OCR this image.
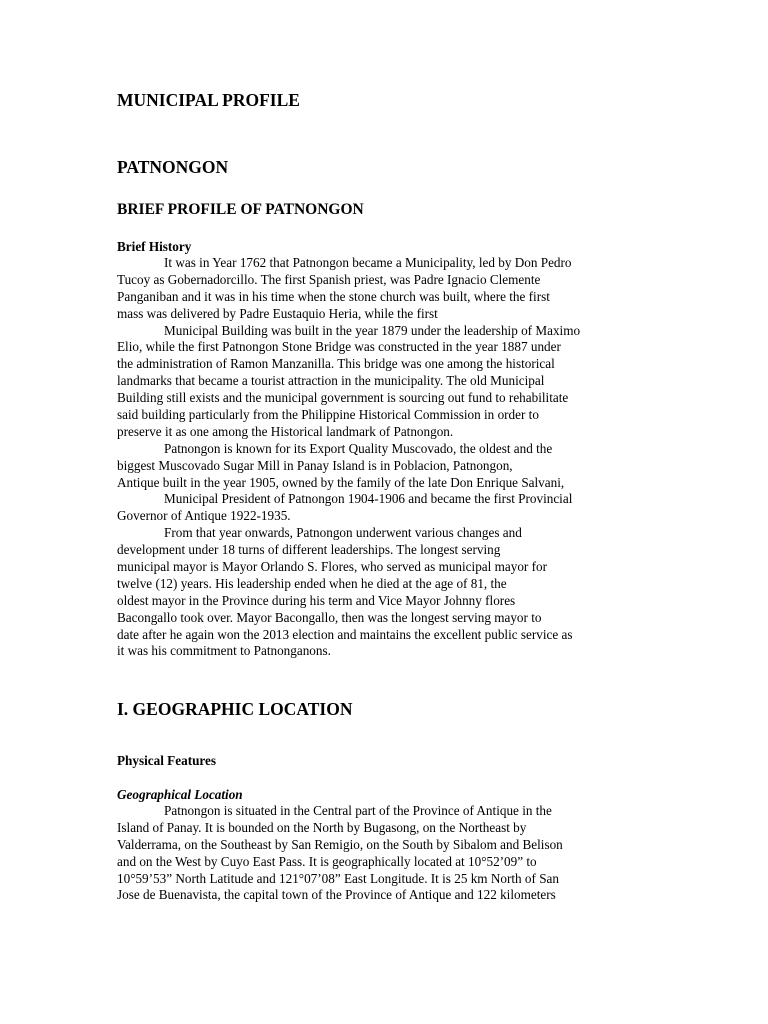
MUNICIPAL PROFILE
PATNONGON
BRIEF PROFILE OF PATNONGON
Brief History
It was in Year 1762 that Patnongon became a Municipality, led by Don Pedro
Tucoy as Gobernadorcillo. The first Spanish priest, was Padre Ignacio Clemente
Panganiban and it was in his time when the stone church was built, where the first
mass was delivered by Padre Eustaquio Heria, while the first
Municipal Building was built in the year 1879 under the leadership of Maximo
Elio, while the first Patnongon Stone Bridge was constructed in the year 1887 under
the administration of Ramon Manzanilla. This bridge was one among the historical
landmarks that became a tourist attraction in the municipality. The old Municipal
Building still exists and the municipal government is sourcing out fund to rehabilitate
said building particularly from the Philippine Historical Commission in order to
preserve it as one among the Historical landmark of Patnongon.
Patnongon is known for its Export Quality Muscovado, the oldest and the
biggest Muscovado Sugar Mill in Panay Island is in Poblacion, Patnongon,
Antique built in the year 1905, owned by the family of the late Don Enrique Salvani,
Municipal President of Patnongon 1904-1906 and became the first Provincial
Governor of Antique 1922-1935.
From that year onwards, Patnongon underwent various changes and
development under 18 turns of different leaderships. The longest serving
municipal mayor is Mayor Orlando S. Flores, who served as municipal mayor for
twelve (12) years. His leadership ended when he died at the age of 81, the
oldest mayor in the Province during his term and Vice Mayor Johnny flores
Bacongallo took over. Mayor Bacongallo, then was the longest serving mayor to
date after he again won the 2013 election and maintains the excellent public service as
it was his commitment to Patnonganons.
I. GEOGRAPHIC LOCATION
Physical Features
Geographical Location
Patnongon is situated in the Central part of the Province of Antique in the
Island of Panay. It is bounded on the North by Bugasong, on the Northeast by
Valderrama, on the Southeast by San Remigio, on the South by Sibalom and Belison
and on the West by Cuyo East Pass. It is geographically located at 10°52’09” to
10°59’53” North Latitude and 121°07’08” East Longitude. It is 25 km North of San
Jose de Buenavista, the capital town of the Province of Antique and 122 kilometers
